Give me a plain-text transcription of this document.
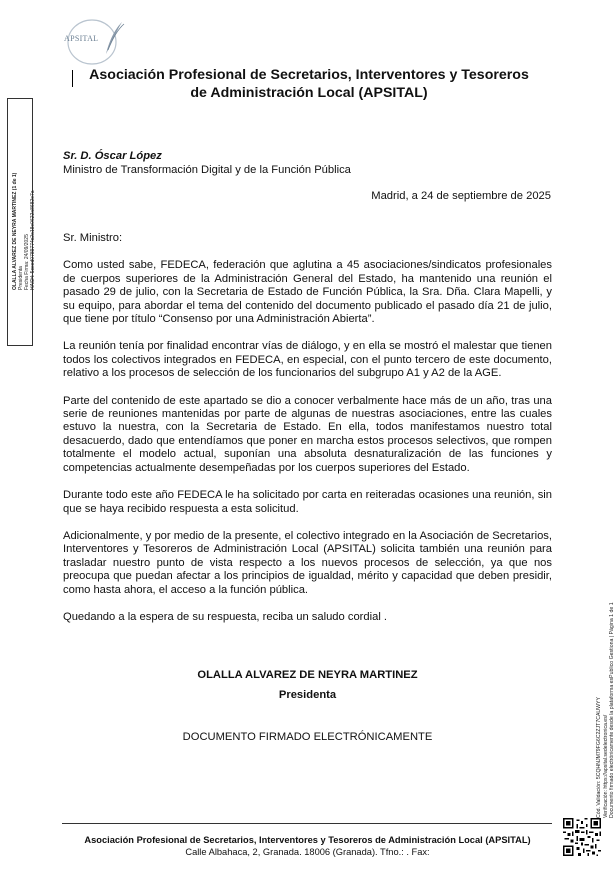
APSITAL
Asociación Profesional de Secretarios, Interventores y Tesoreros
de Administración Local (APSITAL)
OLALLA ALVAREZ DE NEYRA MARTINEZ (1 de 1) Presidenta Fecha Firma: 24/09/2025 HASH: 5ceed0789774c2a18e0622a8682e7a
Sr. D. Óscar López
Ministro de Transformación Digital y de la Función Pública
Madrid, a 24 de septiembre de 2025

Sr. Ministro:

Como usted sabe, FEDECA, federación que aglutina a 45 asociaciones/sindicatos profesionales de cuerpos superiores de la Administración General del Estado, ha mantenido una reunión el pasado 29 de julio, con la Secretaria de Estado de Función Pública, la Sra. Dña. Clara Mapelli, y su equipo, para abordar el tema del contenido del documento publicado el pasado día 21 de julio, que tiene por título “Consenso por una Administración Abierta”.

La reunión tenía por finalidad encontrar vías de diálogo, y en ella se mostró el malestar que tienen todos los colectivos integrados en FEDECA, en especial, con el punto tercero de este documento, relativo a los procesos de selección de los funcionarios del subgrupo A1 y A2 de la AGE.

Parte del contenido de este apartado se dio a conocer verbalmente hace más de un año, tras una serie de reuniones mantenidas por parte de algunas de nuestras asociaciones, entre las cuales estuvo la nuestra, con la Secretaria de Estado. En ella, todos manifestamos nuestro total desacuerdo, dado que entendíamos que poner en marcha estos procesos selectivos, que rompen totalmente el modelo actual, suponían una absoluta desnaturalización de las funciones y competencias actualmente desempeñadas por los cuerpos superiores del Estado.

Durante todo este año FEDECA le ha solicitado por carta en reiteradas ocasiones una reunión, sin que se haya recibido respuesta a esta solicitud.

Adicionalmente, y por medio de la presente, el colectivo integrado en la Asociación de Secretarios, Interventores y Tesoreros de Administración Local (APSITAL) solicita también una reunión para trasladar nuestro punto de vista respecto a los nuevos procesos de selección, ya que nos preocupa que puedan afectar a los principios de igualdad, mérito y capacidad que deben presidir, como hasta ahora, el acceso a la función pública.

Quedando a la espera de su respuesta, reciba un saludo cordial .

OLALLA ALVAREZ DE NEYRA MARTINEZ
Presidenta
DOCUMENTO FIRMADO ELECTRÓNICAMENTE
Asociación Profesional de Secretarios, Interventores y Tesoreros de Administración Local (APSITAL)
Calle Albahaca, 2, Granada. 18006 (Granada). Tfno.: . Fax:
Cód. Validación: 5CQHNJM79FG6C2ZJT7CAUWYY Verificación: https://apsital.sedelectronica.es/ Documento firmado electrónicamente desde la plataforma esPublico Gestiona | Página 1 de 1
